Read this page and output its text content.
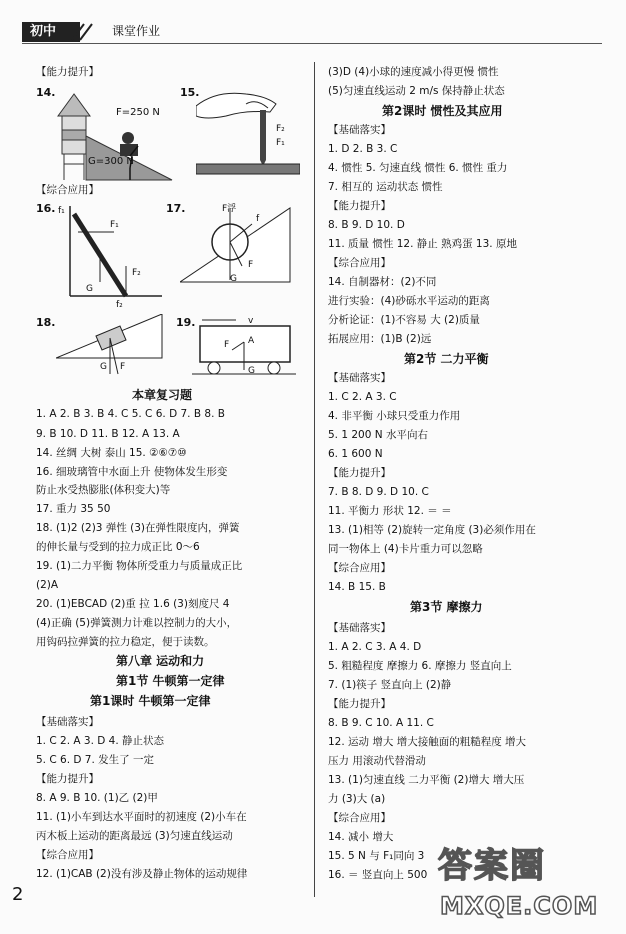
初中	课堂作业
【能力提升】
14.
F=250 N
G=300 N
15.
F₂
F₁
【综合应用】
16. f₁
F₁
F₂
G
f₂
17.	F浮
f
F
G
18.
G F
19.	v
F A
G
本章复习题
1. A 2. B 3. B 4. C 5. C 6. D 7. B 8. B
9. B 10. D 11. B 12. A 13. A
14. 丝绸 大树 泰山 15. ②⑥⑦⑩
16. 细玻璃管中水面上升 使物体发生形变
防止水受热膨胀(体积变大)等
17. 重力 35 50
18. (1)2 (2)3 弹性 (3)在弹性限度内，弹簧
的伸长量与受到的拉力成正比 0～6
19. (1)二力平衡 物体所受重力与质量成正比
(2)A
20. (1)EBCAD (2)重 拉 1.6 (3)刻度尺 4
(4)正确 (5)弹簧测力计难以控制力的大小，
用钩码拉弹簧的拉力稳定，便于读数。
第八章 运动和力
第1节 牛顿第一定律
第1课时 牛顿第一定律
【基础落实】
1. C 2. A 3. D 4. 静止状态
5. C 6. D 7. 发生了 一定
【能力提升】
8. A 9. B 10. (1)乙 (2)甲
11. (1)小车到达水平面时的初速度 (2)小车在
丙木板上运动的距离最远 (3)匀速直线运动
【综合应用】
12. (1)CAB (2)没有涉及静止物体的运动规律
(3)D (4)小球的速度减小得更慢 惯性
(5)匀速直线运动 2 m/s 保持静止状态
第2课时 惯性及其应用
【基础落实】
1. D 2. B 3. C
4. 惯性 5. 匀速直线 惯性 6. 惯性 重力
7. 相互的 运动状态 惯性
【能力提升】
8. B 9. D 10. D
11. 质量 惯性 12. 静止 熟鸡蛋 13. 原地
【综合应用】
14. 自制器材：(2)不同
进行实验：(4)砂砾水平运动的距离
分析论证：(1)不容易 大 (2)质量
拓展应用：(1)B (2)远
第2节 二力平衡
【基础落实】
1. C 2. A 3. C
4. 非平衡 小球只受重力作用
5. 1 200 N 水平向右
6. 1 600 N
【能力提升】
7. B 8. D 9. D 10. C
11. 平衡力 形状 12. ＝ ＝
13. (1)相等 (2)旋转一定角度 (3)必须作用在
同一物体上 (4)卡片重力可以忽略
【综合应用】
14. B 15. B
第3节 摩擦力
【基础落实】
1. A 2. C 3. A 4. D
5. 粗糙程度 摩擦力 6. 摩擦力 竖直向上
7. (1)筷子 竖直向上 (2)静
【能力提升】
8. B 9. C 10. A 11. C
12. 运动 增大 增大接触面的粗糙程度 增大
压力 用滚动代替滑动
13. (1)匀速直线 二力平衡 (2)增大 增大压
力 (3)大 (a)
【综合应用】
14. 减小 增大
15. 5 N 与 F₁同向 3
16. ＝ 竖直向上 500
2
答案圈
MXQE.COM
